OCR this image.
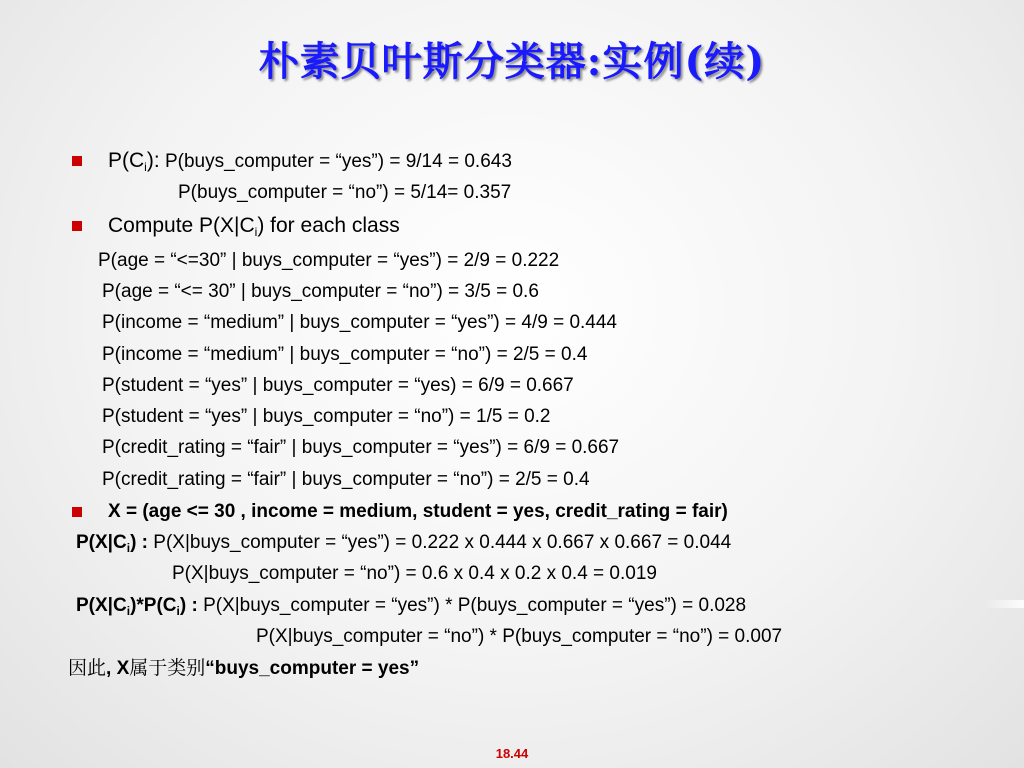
朴素贝叶斯分类器:实例(续)
$P(C_i)$: P(buys_computer = “yes”) = 9/14 = 0.643
P(buys_computer = “no”) = 5/14= 0.357
Compute $P(X|C_i)$ for each class
P(age = “<=30” | buys_computer = “yes”) = 2/9 = 0.222
P(age = “<= 30” | buys_computer = “no”) = 3/5 = 0.6
P(income = “medium” | buys_computer = “yes”) = 4/9 = 0.444
P(income = “medium” | buys_computer = “no”) = 2/5 = 0.4
P(student = “yes” | buys_computer = “yes) = 6/9 = 0.667
P(student = “yes” | buys_computer = “no”) = 1/5 = 0.2
P(credit_rating = “fair” | buys_computer = “yes”) = 6/9 = 0.667
P(credit_rating = “fair” | buys_computer = “no”) = 2/5 = 0.4
X = (age <= 30 , income = medium, student = yes, credit_rating = fair)
$P(X|C_i)$ : P(X|buys_computer = “yes”) = 0.222 x 0.444 x 0.667 x 0.667 = 0.044
P(X|buys_computer = “no”) = 0.6 x 0.4 x 0.2 x 0.4 = 0.019
$P(X|C_i)*P(C_i)$ : P(X|buys_computer = “yes”) * P(buys_computer = “yes”) = 0.028
P(X|buys_computer = “no”) * P(buys_computer = “no”) = 0.007
因此, X属于类别“buys_computer = yes”
18.44
